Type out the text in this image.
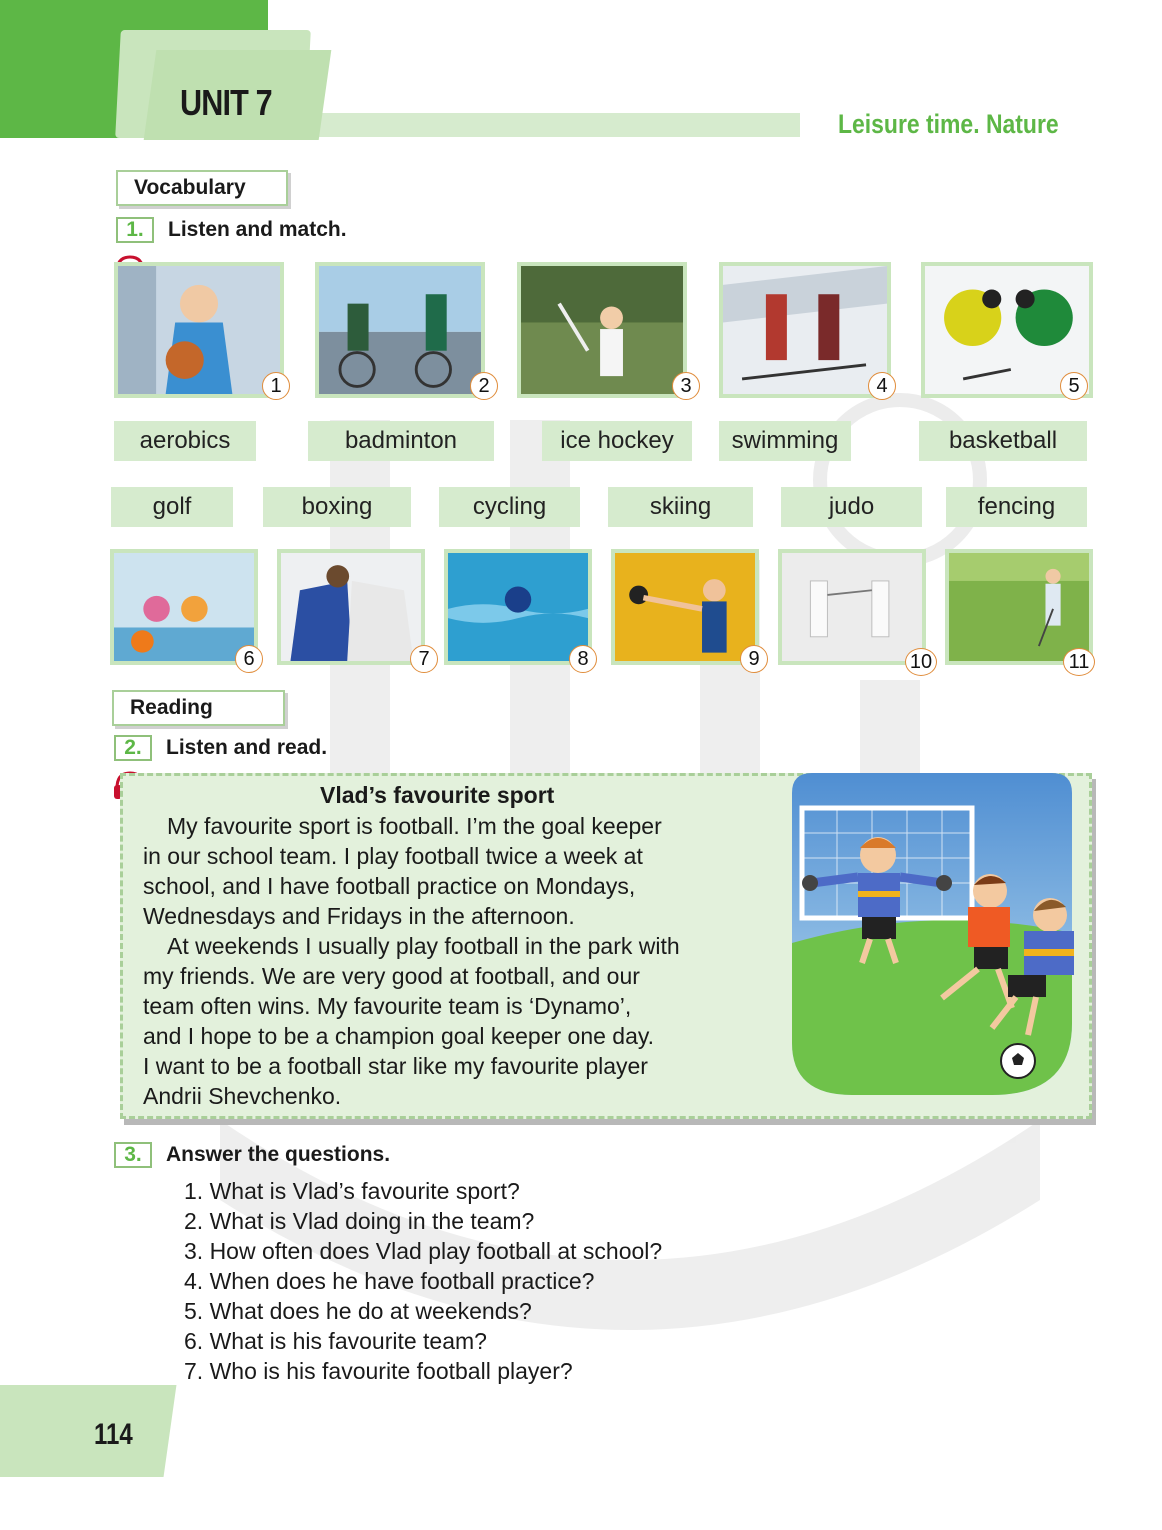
UNIT 7
Leisure time. Nature
Vocabulary
1.	Listen and match.
1	2	3	4	5
aerobics	badminton	ice hockey	swimming	basketball
golf	boxing	cycling	skiing	judo	fencing
6	7	8	9	10	11
Reading
2.	Listen and read.
Vlad’s favourite sport

My favourite sport is football. I’m the goal keeper

in our school team. I play football twice a week at

school, and I have football practice on Mondays,

Wednesdays and Fridays in the afternoon.

At weekends I usually play football in the park with

my friends. We are very good at football, and our

team often wins. My favourite team is ‘Dynamo’,

and I hope to be a champion goal keeper one day.

I want to be a football star like my favourite player

Andrii Shevchenko.

3.	Answer the questions.
1. What is Vlad’s favourite sport?
2. What is Vlad doing in the team?
3. How often does Vlad play football at school?
4. When does he have football practice?
5. What does he do at weekends?
6. What is his favourite team?
7. Who is his favourite football player?
114
